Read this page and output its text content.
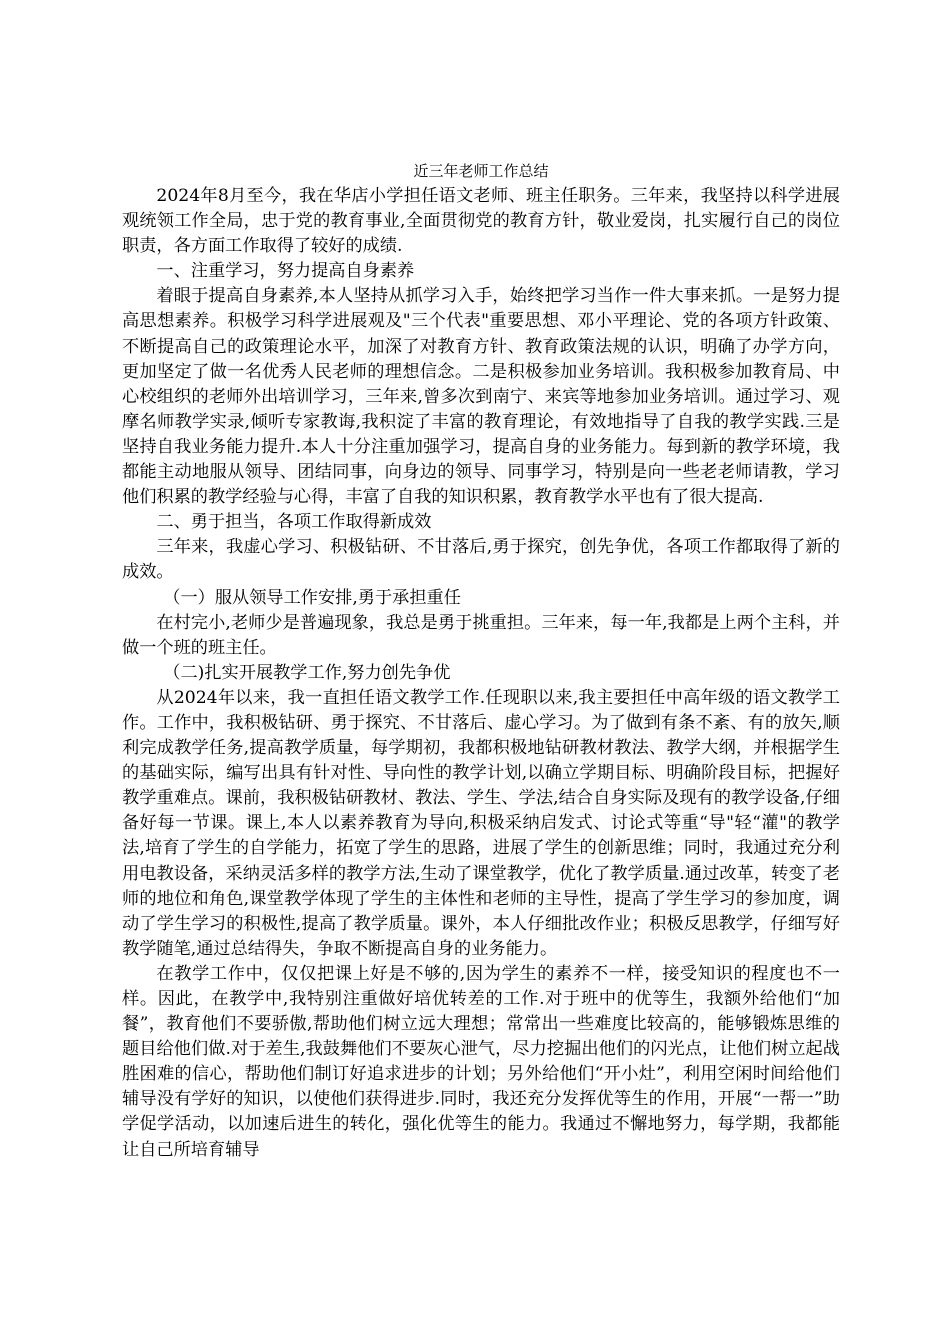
近三年老师工作总结

2024年8月至今，我在华店小学担任语文老师、班主任职务。三年来，我坚持以科学进展观统领工作全局，忠于党的教育事业,全面贯彻党的教育方针，敬业爱岗，扎实履行自己的岗位职责，各方面工作取得了较好的成绩.

一、注重学习，努力提高自身素养

着眼于提高自身素养,本人坚持从抓学习入手，始终把学习当作一件大事来抓。一是努力提高思想素养。积极学习科学进展观及"三个代表"重要思想、邓小平理论、党的各项方针政策、不断提高自己的政策理论水平，加深了对教育方针、教育政策法规的认识，明确了办学方向，更加坚定了做一名优秀人民老师的理想信念。二是积极参加业务培训。我积极参加教育局、中心校组织的老师外出培训学习，三年来,曾多次到南宁、来宾等地参加业务培训。通过学习、观摩名师教学实录,倾听专家教诲,我积淀了丰富的教育理论，有效地指导了自我的教学实践.三是坚持自我业务能力提升.本人十分注重加强学习，提高自身的业务能力。每到新的教学环境，我都能主动地服从领导、团结同事，向身边的领导、同事学习，特别是向一些老老师请教，学习他们积累的教学经验与心得，丰富了自我的知识积累，教育教学水平也有了很大提高.

二、勇于担当，各项工作取得新成效

三年来，我虚心学习、积极钻研、不甘落后,勇于探究，创先争优，各项工作都取得了新的成效。

（一）服从领导工作安排,勇于承担重任

在村完小,老师少是普遍现象，我总是勇于挑重担。三年来，每一年,我都是上两个主科，并做一个班的班主任。

（二)扎实开展教学工作,努力创先争优

从2024年以来，我一直担任语文教学工作.任现职以来,我主要担任中高年级的语文教学工作。工作中，我积极钻研、勇于探究、不甘落后、虚心学习。为了做到有条不紊、有的放矢,顺利完成教学任务,提高教学质量，每学期初，我都积极地钻研教材教法、教学大纲，并根据学生的基础实际，编写出具有针对性、导向性的教学计划,以确立学期目标、明确阶段目标，把握好教学重难点。课前，我积极钻研教材、教法、学生、学法,结合自身实际及现有的教学设备,仔细备好每一节课。课上,本人以素养教育为导向,积极采纳启发式、讨论式等重“导"轻“灌"的教学法,培育了学生的自学能力，拓宽了学生的思路，进展了学生的创新思维；同时，我通过充分利用电教设备，采纳灵活多样的教学方法,生动了课堂教学，优化了教学质量.通过改革，转变了老师的地位和角色,课堂教学体现了学生的主体性和老师的主导性，提高了学生学习的参加度，调动了学生学习的积极性,提高了教学质量。课外，本人仔细批改作业；积极反思教学，仔细写好教学随笔,通过总结得失，争取不断提高自身的业务能力。

在教学工作中，仅仅把课上好是不够的,因为学生的素养不一样，接受知识的程度也不一样。因此，在教学中,我特别注重做好培优转差的工作.对于班中的优等生，我额外给他们“加餐”，教育他们不要骄傲,帮助他们树立远大理想；常常出一些难度比较高的，能够锻炼思维的题目给他们做.对于差生,我鼓舞他们不要灰心泄气，尽力挖掘出他们的闪光点，让他们树立起战胜困难的信心，帮助他们制订好追求进步的计划；另外给他们“开小灶”，利用空闲时间给他们辅导没有学好的知识，以使他们获得进步.同时，我还充分发挥优等生的作用，开展“一帮一”助学促学活动，以加速后进生的转化，强化优等生的能力。我通过不懈地努力，每学期，我都能让自己所培育辅导
